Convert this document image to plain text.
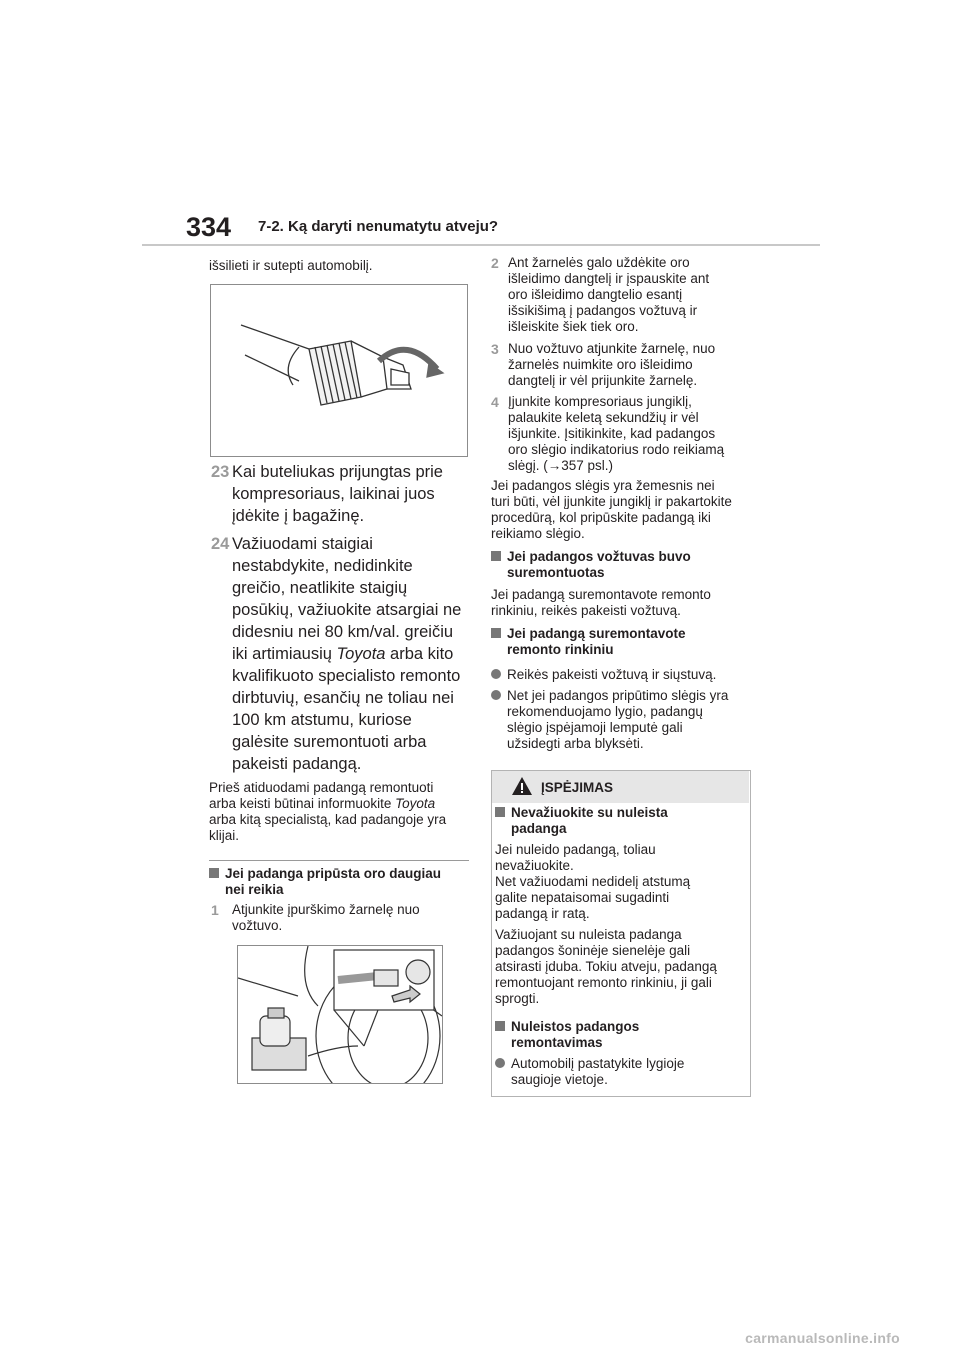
334 7-2. Ką daryti nenumatytu atveju?
išsilieti ir sutepti automobilį.
23 Kai buteliukas prijungtas prie
kompresoriaus, laikinai juos
įdėkite į bagažinę.
24 Važiuodami staigiai
nestabdykite, nedidinkite
greičio, neatlikite staigių
posūkių, važiuokite atsargiai ne
didesniu nei 80 km/val. greičiu
iki artimiausių Toyota arba kito
kvalifikuoto specialisto remonto
dirbtuvių, esančių ne toliau nei
100 km atstumu, kuriose
galėsite suremontuoti arba
pakeisti padangą.
Prieš atiduodami padangą remontuoti
arba keisti būtinai informuokite Toyota
arba kitą specialistą, kad padangoje yra
klijai.
Jei padanga pripūsta oro daugiau
nei reikia
1 Atjunkite įpurškimo žarnelę nuo
vožtuvo.
2 Ant žarnelės galo uždėkite oro
išleidimo dangtelį ir įspauskite ant
oro išleidimo dangtelio esantį
išsikišimą į padangos vožtuvą ir
išleiskite šiek tiek oro.
3 Nuo vožtuvo atjunkite žarnelę, nuo
žarnelės nuimkite oro išleidimo
dangtelį ir vėl prijunkite žarnelę.
4 Įjunkite kompresoriaus jungiklį,
palaukite keletą sekundžių ir vėl
išjunkite. Įsitikinkite, kad padangos
oro slėgio indikatorius rodo reikiamą
slėgį. (→357 psl.)
Jei padangos slėgis yra žemesnis nei
turi būti, vėl įjunkite jungiklį ir pakartokite
procedūrą, kol pripūskite padangą iki
reikiamo slėgio.
Jei padangos vožtuvas buvo
suremontuotas
Jei padangą suremontavote remonto
rinkiniu, reikės pakeisti vožtuvą.
Jei padangą suremontavote
remonto rinkiniu
Reikės pakeisti vožtuvą ir siųstuvą.
Net jei padangos pripūtimo slėgis yra
rekomenduojamo lygio, padangų
slėgio įspėjamoji lemputė gali
užsidegti arba blyksėti.
ĮSPĖJIMAS
Nevažiuokite su nuleista
padanga
Jei nuleido padangą, toliau
nevažiuokite.
Net važiuodami nedidelį atstumą
galite nepataisomai sugadinti
padangą ir ratą.
Važiuojant su nuleista padanga
padangos šoninėje sienelėje gali
atsirasti įduba. Tokiu atveju, padangą
remontuojant remonto rinkiniu, ji gali
sprogti.
Nuleistos padangos
remontavimas
Automobilį pastatykite lygioje
saugioje vietoje.
carmanualsonline.info
